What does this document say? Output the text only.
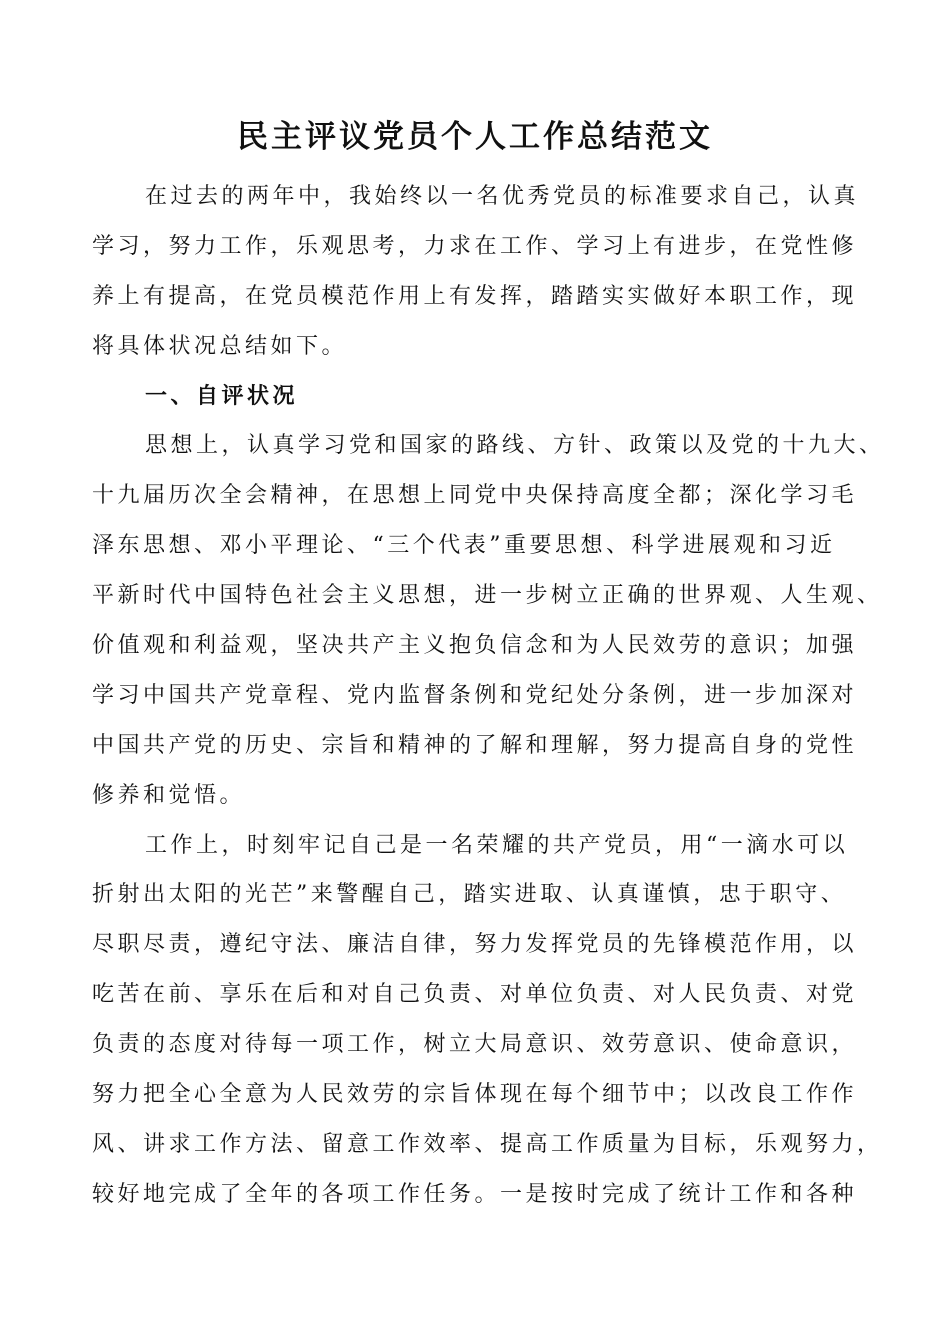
民主评议党员个人工作总结范文
在过去的两年中，我始终以一名优秀党员的标准要求自己，认真
学习，努力工作，乐观思考，力求在工作、学习上有进步，在党性修
养上有提高，在党员模范作用上有发挥，踏踏实实做好本职工作，现
将具体状况总结如下。
一、自评状况
思想上，认真学习党和国家的路线、方针、政策以及党的十九大、
十九届历次全会精神，在思想上同党中央保持高度全都；深化学习毛
泽东思想、邓小平理论、“三个代表”重要思想、科学进展观和习近
平新时代中国特色社会主义思想，进一步树立正确的世界观、人生观、
价值观和利益观，坚决共产主义抱负信念和为人民效劳的意识；加强
学习中国共产党章程、党内监督条例和党纪处分条例，进一步加深对
中国共产党的历史、宗旨和精神的了解和理解，努力提高自身的党性
修养和觉悟。
工作上，时刻牢记自己是一名荣耀的共产党员，用“一滴水可以
折射出太阳的光芒”来警醒自己，踏实进取、认真谨慎，忠于职守、
尽职尽责，遵纪守法、廉洁自律，努力发挥党员的先锋模范作用，以
吃苦在前、享乐在后和对自己负责、对单位负责、对人民负责、对党
负责的态度对待每一项工作，树立大局意识、效劳意识、使命意识，
努力把全心全意为人民效劳的宗旨体现在每个细节中；以改良工作作
风、讲求工作方法、留意工作效率、提高工作质量为目标，乐观努力，
较好地完成了全年的各项工作任务。一是按时完成了统计工作和各种
